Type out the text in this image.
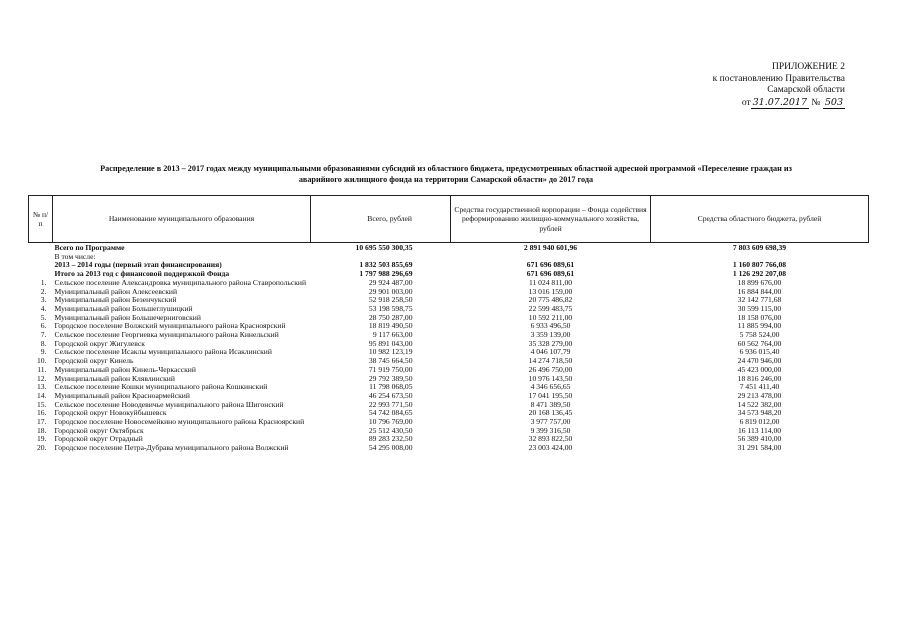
ПРИЛОЖЕНИЕ 2
к постановлению Правительства
Самарской области
от 31.07.2017 № 503
Распределение в 2013 – 2017 годах между муниципальными образованиями субсидий из областного бюджета, предусмотренных областной адресной программой «Переселение граждан из
аварийного жилищного фонда на территории Самарской области» до 2017 года
№ п/п	Наименование муниципального образования	Всего, рублей	Средства государственной корпорации – Фонда содействия реформированию жилищно-коммунального хозяйства, рублей	Средства областного бюджета, рублей
	Всего по Программе	10 695 550 300,35	2 891 940 601,96	7 803 609 698,39
	В том числе:			
	2013 – 2014 годы (первый этап финансирования)	1 832 503 855,69	671 696 089,61	1 160 807 766,08
	Итого за 2013 год с финансовой поддержкой Фонда	1 797 988 296,69	671 696 089,61	1 126 292 207,08
1.	Сельское поселение Александровка муниципального района Ставропольский	29 924 487,00	11 024 811,00	18 899 676,00
2.	Муниципальный район Алексеевский	29 901 003,00	13 016 159,00	16 884 844,00
3.	Муниципальный район Безенчукский	52 918 258,50	20 775 486,82	32 142 771,68
4.	Муниципальный район Большеглушицкий	53 198 598,75	22 599 483,75	30 599 115,00
5.	Муниципальный район Большечерниговский	28 750 287,00	10 592 211,00	18 158 076,00
6.	Городское поселение Волжский муниципального района Красноярский	18 819 490,50	6 933 496,50	11 885 994,00
7.	Сельское поселение Георгиевка муниципального района Кинельский	9 117 663,00	3 359 139,00	5 758 524,00
8.	Городской округ Жигулевск	95 891 043,00	35 328 279,00	60 562 764,00
9.	Сельское поселение Исаклы муниципального района Исаклинский	10 982 123,19	4 046 107,79	6 936 015,40
10.	Городской округ Кинель	38 745 664,50	14 274 718,50	24 470 946,00
11.	Муниципальный район Кинель-Черкасский	71 919 750,00	26 496 750,00	45 423 000,00
12.	Муниципальный район Клявлинский	29 792 389,50	10 976 143,50	18 816 246,00
13.	Сельское поселение Кошки муниципального района Кошкинский	11 798 068,05	4 346 656,65	7 451 411,40
14.	Муниципальный район Красноармейский	46 254 673,50	17 041 195,50	29 213 478,00
15.	Сельское поселение Новодевичье муниципального района Шигонский	22 993 771,50	8 471 389,50	14 522 382,00
16.	Городской округ Новокуйбышевск	54 742 084,65	20 168 136,45	34 573 948,20
17.	Городское поселение Новосемейкино муниципального района Красноярский	10 796 769,00	3 977 757,00	6 819 012,00
18.	Городской округ Октябрьск	25 512 430,50	9 399 316,50	16 113 114,00
19.	Городской округ Отрадный	89 283 232,50	32 893 822,50	56 389 410,00
20.	Городское поселение Петра-Дубрава муниципального района Волжский	54 295 008,00	23 003 424,00	31 291 584,00
